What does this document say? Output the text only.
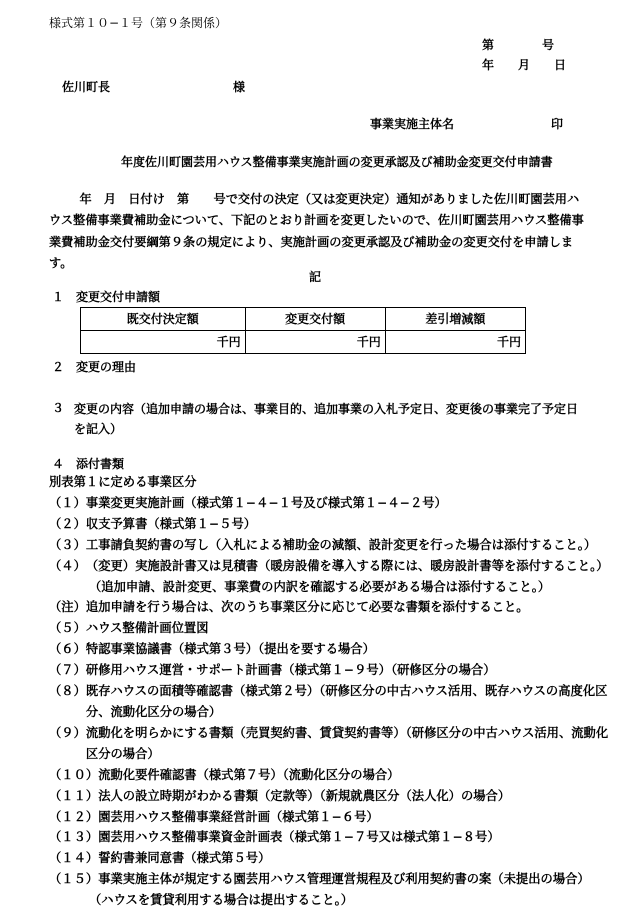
様式第１０−１号（第９条関係）
第　　　　号
年　　月　　日
佐川町長	様
事業実施主体名	印
年度佐川町園芸用ハウス整備事業実施計画の変更承認及び補助金変更交付申請書
年　月　日付け　第　　号で交付の決定（又は変更決定）通知がありました佐川町園芸用ハウス整備事業費補助金について、下記のとおり計画を変更したいので、佐川町園芸用ハウス整備事業費補助金交付要綱第９条の規定により、実施計画の変更承認及び補助金の変更交付を申請します。
記
１　変更交付申請額
既交付決定額	変更交付額	差引増減額
千円	千円	千円
２　変更の理由
３ 変更の内容（追加申請の場合は、事業目的、追加事業の入札予定日、変更後の事業完了予定日を記入）
４　添付書類
別表第１に定める事業区分
（１） 事業変更実施計画（様式第１−４−１号及び様式第１−４−２号）
（２） 収支予算書（様式第１−５号）
（３） 工事請負契約書の写し（入札による補助金の減額、設計変更を行った場合は添付すること。）
（４） （変更）実施設計書又は見積書（暖房設備を導入する際には、暖房設計書等を添付すること。）
（追加申請、設計変更、事業費の内訳を確認する必要がある場合は添付すること。）
（注） 追加申請を行う場合は、次のうち事業区分に応じて必要な書類を添付すること。
（５） ハウス整備計画位置図
（６） 特認事業協議書（様式第３号）（提出を要する場合）
（７） 研修用ハウス運営・サポート計画書（様式第１−９号）（研修区分の場合）
（８） 既存ハウスの面積等確認書（様式第２号）（研修区分の中古ハウス活用、既存ハウスの高度化区分、流動化区分の場合）
（９） 流動化を明らかにする書類（売買契約書、賃貸契約書等）（研修区分の中古ハウス活用、流動化区分の場合）
（１０） 流動化要件確認書（様式第７号）（流動化区分の場合）
（１１） 法人の設立時期がわかる書類（定款等）（新規就農区分（法人化）の場合）
（１２） 園芸用ハウス整備事業経営計画（様式第１−６号）
（１３） 園芸用ハウス整備事業資金計画表（様式第１−７号又は様式第１−８号）
（１４） 誓約書兼同意書（様式第５号）
（１５） 事業実施主体が規定する園芸用ハウス管理運営規程及び利用契約書の案（未提出の場合）
（ハウスを賃貸利用する場合は提出すること。）
